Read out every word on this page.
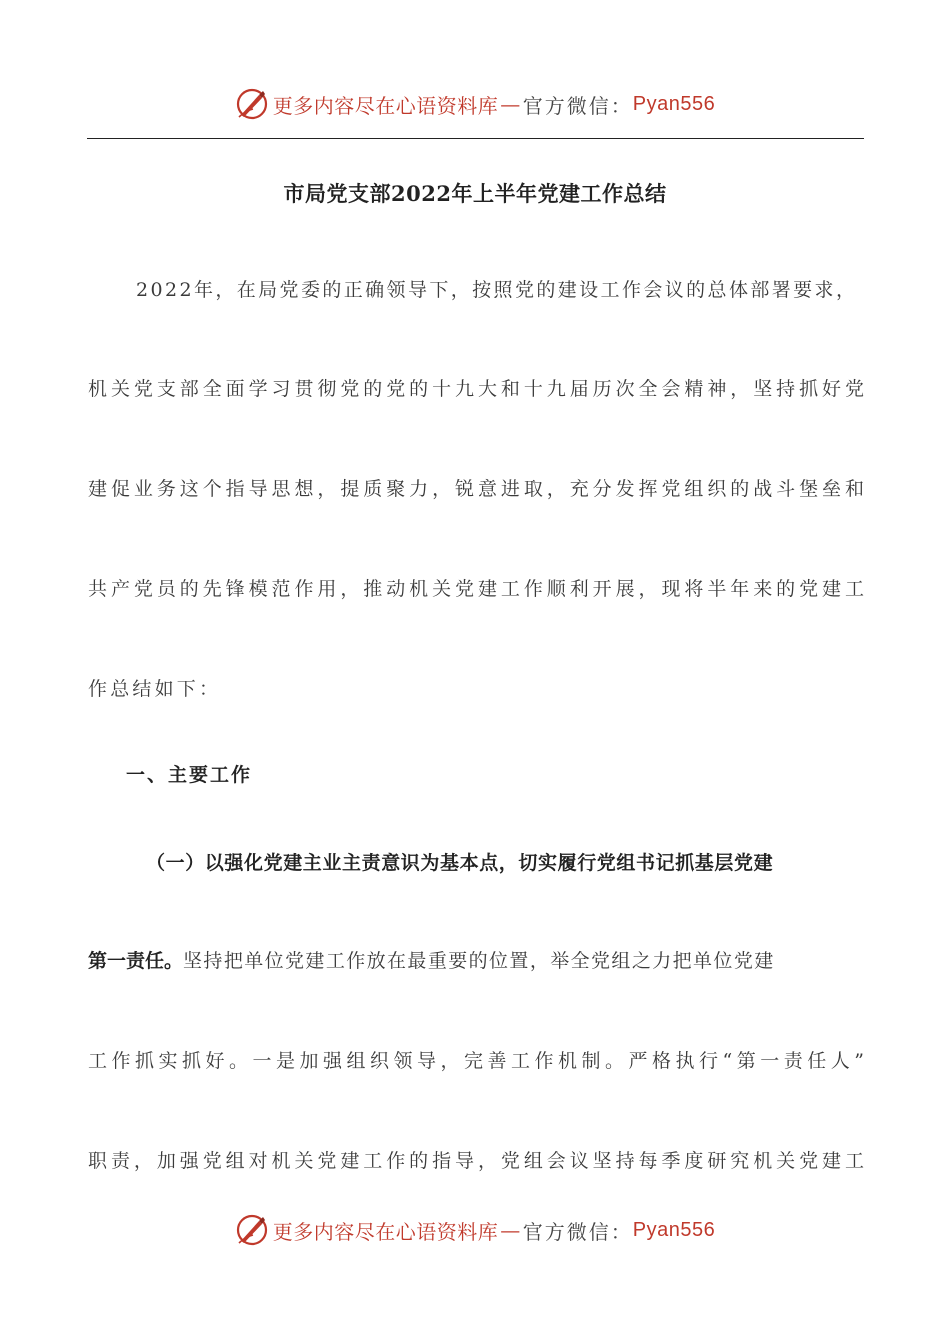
更多内容尽在心语资料库 — 官方微信： Pyan556
市局党支部2022年上半年党建工作总结
2022年，在局党委的正确领导下，按照党的建设工作会议的总体部署要求，
机关党支部全面学习贯彻党的党的十九大和十九届历次全会精神，坚持抓好党
建促业务这个指导思想，提质聚力，锐意进取，充分发挥党组织的战斗堡垒和
共产党员的先锋模范作用，推动机关党建工作顺利开展，现将半年来的党建工
作总结如下：
一、主要工作
（一）以强化党建主业主责意识为基本点，切实履行党组书记抓基层党建
第一责任。坚持把单位党建工作放在最重要的位置，举全党组之力把单位党建
工作抓实抓好。一是加强组织领导，完善工作机制。严格执行“第一责任人”
职责，加强党组对机关党建工作的指导，党组会议坚持每季度研究机关党建工
更多内容尽在心语资料库 — 官方微信： Pyan556
